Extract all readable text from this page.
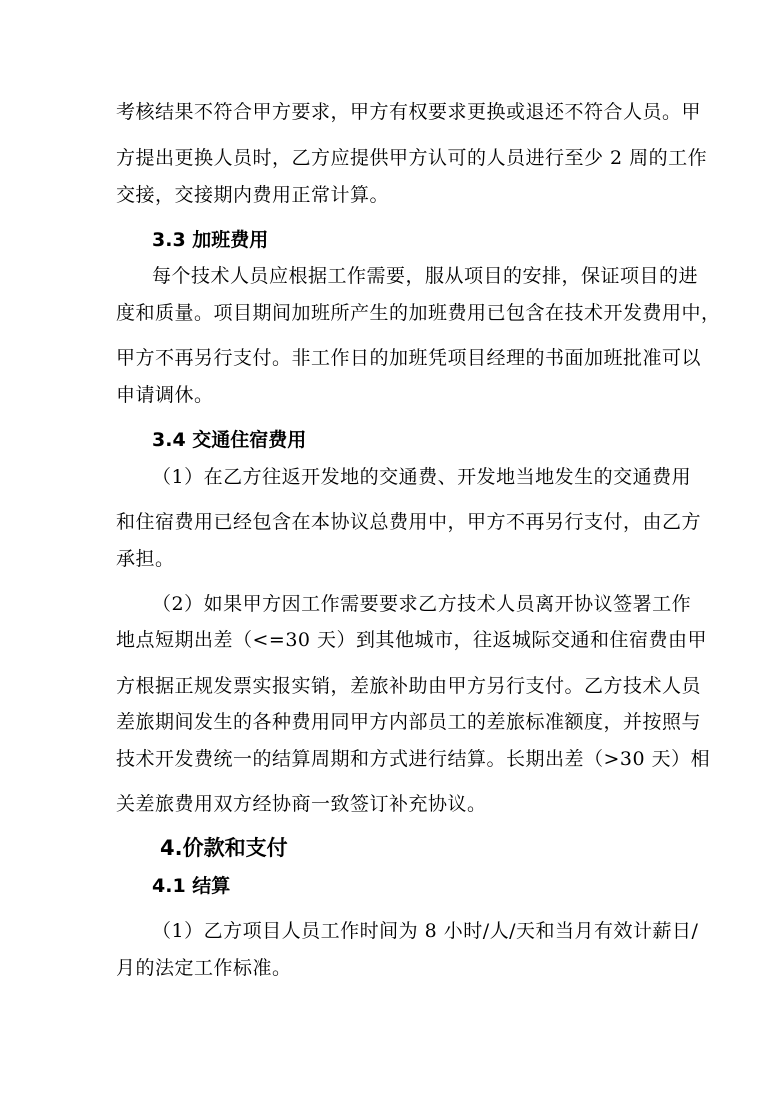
考核结果不符合甲方要求，甲方有权要求更换或退还不符合人员。甲
方提出更换人员时，乙方应提供甲方认可的人员进行至少 2 周的工作
交接，交接期内费用正常计算。
3.3 加班费用
每个技术人员应根据工作需要，服从项目的安排，保证项目的进
度和质量。项目期间加班所产生的加班费用已包含在技术开发费用中，
甲方不再另行支付。非工作日的加班凭项目经理的书面加班批准可以
申请调休。
3.4 交通住宿费用
（1）在乙方往返开发地的交通费、开发地当地发生的交通费用
和住宿费用已经包含在本协议总费用中，甲方不再另行支付，由乙方
承担。
（2）如果甲方因工作需要要求乙方技术人员离开协议签署工作
地点短期出差（<=30 天）到其他城市，往返城际交通和住宿费由甲
方根据正规发票实报实销，差旅补助由甲方另行支付。乙方技术人员
差旅期间发生的各种费用同甲方内部员工的差旅标准额度，并按照与
技术开发费统一的结算周期和方式进行结算。长期出差（>30 天）相
关差旅费用双方经协商一致签订补充协议。
4.价款和支付
4.1 结算
（1）乙方项目人员工作时间为 8 小时/人/天和当月有效计薪日/
月的法定工作标准。
